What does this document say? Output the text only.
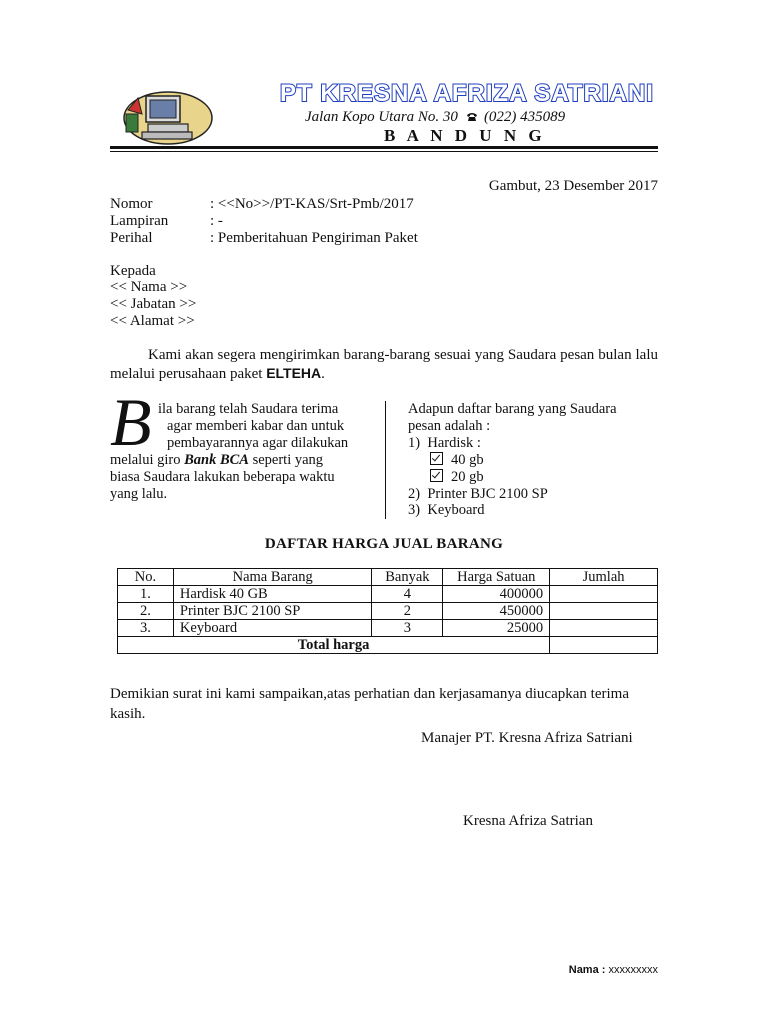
PT KRESNA AFRIZA SATRIANI
Jalan Kopo Utara No. 30 (022) 435089
B A N D U N G
Gambut, 23 Desember 2017
Nomor	: <<No>>/PT-KAS/Srt-Pmb/2017
Lampiran	: -
Perihal	: Pemberitahuan Pengiriman Paket
Kepada
<< Nama >>
<< Jabatan >>
<< Alamat >>
Kami akan segera mengirimkan barang-barang sesuai yang Saudara pesan bulan lalu melalui perusahaan paket ELTEHA.
B ila barang telah Saudara terima
agar memberi kabar dan untuk
pembayarannya agar dilakukan
melalui giro Bank BCA seperti yang
biasa Saudara lakukan beberapa waktu
yang lalu.
Adapun daftar barang yang Saudara
pesan adalah :
1) Hardisk :
40 gb
20 gb
2) Printer BJC 2100 SP
3) Keyboard
DAFTAR HARGA JUAL BARANG
No.	Nama Barang	Banyak	Harga Satuan	Jumlah
1.	Hardisk 40 GB	4	400000	
2.	Printer BJC 2100 SP	2	450000	
3.	Keyboard	3	25000	
Total harga				
Demikian surat ini kami sampaikan,atas perhatian dan kerjasamanya diucapkan terima kasih.
Manajer PT. Kresna Afriza Satriani
Kresna Afriza Satrian
Nama : xxxxxxxxx
